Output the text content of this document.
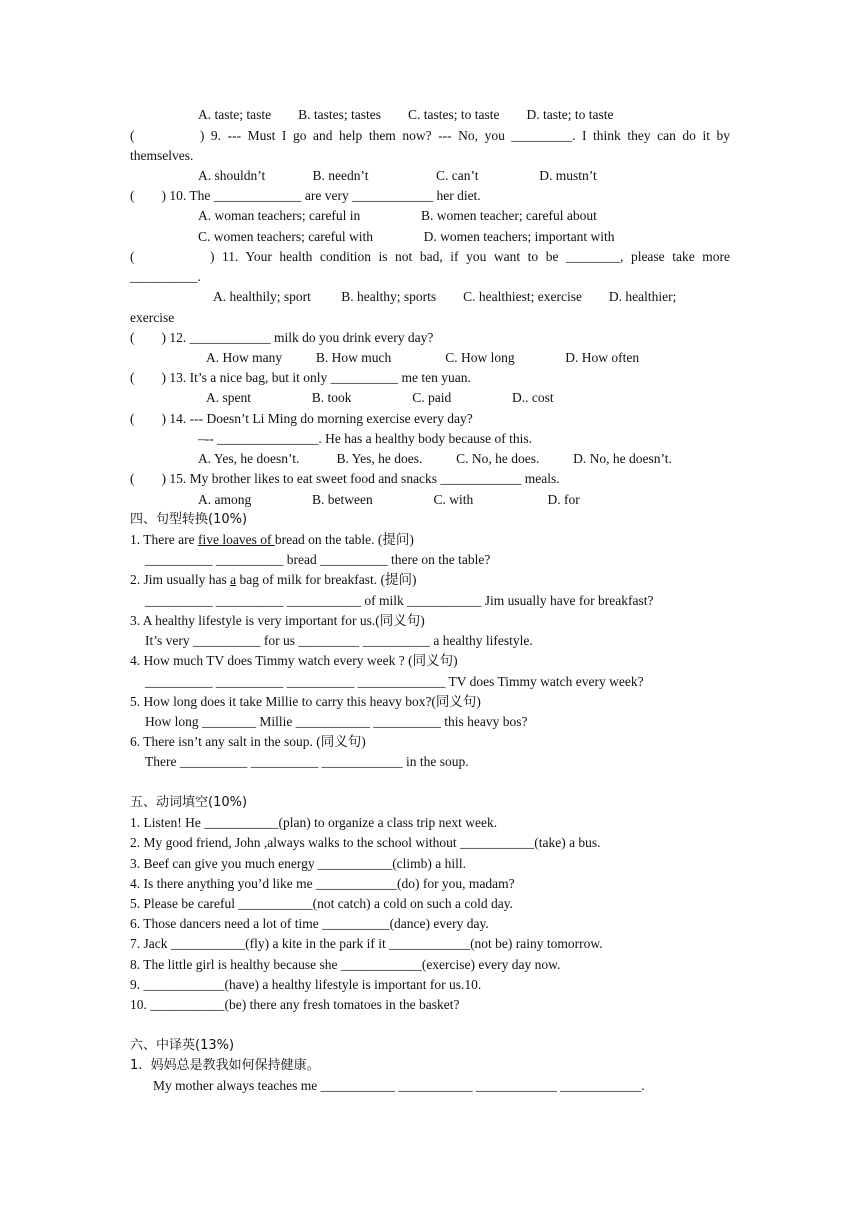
A. taste; taste        B. tastes; tastes        C. tastes; to taste        D. taste; to taste
(          ) 9. --- Must I go and help them now? --- No, you _________. I think they can do it by
themselves.
A. shouldn’t              B. needn’t                    C. can’t                  D. mustn’t
(        ) 10. The _____________ are very ____________ her diet.
A. woman teachers; careful in                  B. women teacher; careful about
C. women teachers; careful with               D. women teachers; important with
(          ) 11. Your health condition is not bad, if you want to be ________, please take more
__________.
A. healthily; sport         B. healthy; sports        C. healthiest; exercise        D. healthier;
exercise
(        ) 12. ____________ milk do you drink every day?
A. How many          B. How much                C. How long               D. How often
(        ) 13. It’s a nice bag, but it only __________ me ten yuan.
A. spent                  B. took                  C. paid                  D.. cost
(        ) 14. --- Doesn’t Li Ming do morning exercise every day?
–-- _______________. He has a healthy body because of this.
A. Yes, he doesn’t.           B. Yes, he does.          C. No, he does.          D. No, he doesn’t.
(        ) 15. My brother likes to eat sweet food and snacks ____________ meals.
A. among                  B. between                  C. with                      D. for
四、句型转换(10%)
1. There are five loaves of bread on the table. (提问)
__________ __________ bread __________ there on the table?
2. Jim usually has a bag of milk for breakfast. (提问)
__________ __________ ___________ of milk ___________ Jim usually have for breakfast?
3. A healthy lifestyle is very important for us.(同义句)
It’s very __________ for us _________ __________ a healthy lifestyle.
4. How much TV does Timmy watch every week ? (同义句)
__________ __________ __________ _____________ TV does Timmy watch every week?
5. How long does it take Millie to carry this heavy box?(同义句)
How long ________ Millie ___________ __________ this heavy bos?
6. There isn’t any salt in the soup. (同义句)
There __________ __________ ____________ in the soup.
五、动词填空(10%)
1. Listen! He ___________(plan) to organize a class trip next week.
2. My good friend, John ,always walks to the school without ___________(take) a bus.
3. Beef can give you much energy ___________(climb) a hill.
4. Is there anything you’d like me ____________(do) for you, madam?
5. Please be careful ___________(not catch) a cold on such a cold day.
6. Those dancers need a lot of time __________(dance) every day.
7. Jack ___________(fly) a kite in the park if it ____________(not be) rainy tomorrow.
8. The little girl is healthy because she ____________(exercise) every day now.
9. ____________(have) a healthy lifestyle is important for us.10.
10. ___________(be) there any fresh tomatoes in the basket?
六、中译英(13%)
1.  妈妈总是教我如何保持健康。
My mother always teaches me ___________ ___________ ____________ ____________.
